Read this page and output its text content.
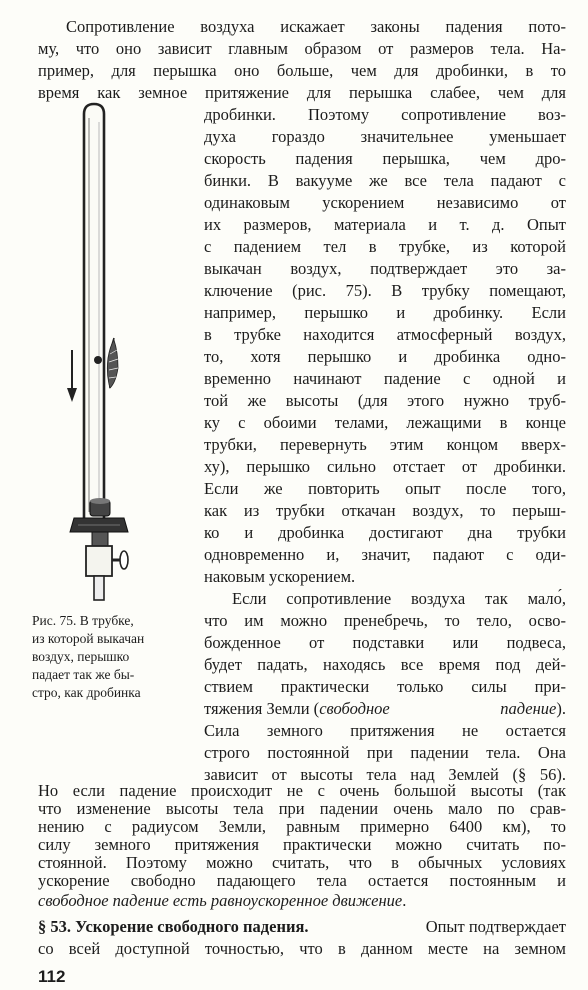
Сопротивление воздуха искажает законы падения пото-
му, что оно зависит главным образом от размеров тела. На-
пример, для перышка оно больше, чем для дробинки, в то
время как земное притяжение для перышка слабее, чем для
дробинки. Поэтому сопротивление воз-
духа гораздо значительнее уменьшает
скорость падения перышка, чем дро-
бинки. В вакууме же все тела падают с
одинаковым ускорением независимо от
их размеров, материала и т. д. Опыт
с падением тел в трубке, из которой
выкачан воздух, подтверждает это за-
ключение (рис. 75). В трубку помещают,
например, перышко и дробинку. Если
в трубке находится атмосферный воздух,
то, хотя перышко и дробинка одно-
временно начинают падение с одной и
той же высоты (для этого нужно труб-
ку с обоими телами, лежащими в конце
трубки, перевернуть этим концом вверх-
ху), перышко сильно отстает от дробинки.
Если же повторить опыт после того,
как из трубки откачан воздух, то перыш-
ко и дробинка достигают дна трубки
одновременно и, значит, падают с оди-
наковым ускорением.
Если сопротивление воздуха так мало́,
что им можно пренебречь, то тело, осво-
божденное от подставки или подвеса,
будет падать, находясь все время под дей-
ствием практически только силы при-
тяжения Земли ( свободное падение ).
Сила земного притяжения не остается
строго постоянной при падении тела. Она
зависит от высоты тела над Землей (§ 56).
Рис. 75. В трубке,
из которой выкачан
воздух, перышко
падает так же бы-
стро, как дробинка
Но если падение происходит не с очень большой высоты (так
что изменение высоты тела при падении очень мало по срав-
нению с радиусом Земли, равным примерно 6400 км), то
силу земного притяжения практически можно считать по-
стоянной. Поэтому можно считать, что в обычных условиях
ускорение свободно падающего тела остается постоянным и
свободное падение есть равноускоренное движение.
§ 53. Ускорение свободного падения.	Опыт подтверждает
со всей доступной точностью, что в данном месте на земном
112
